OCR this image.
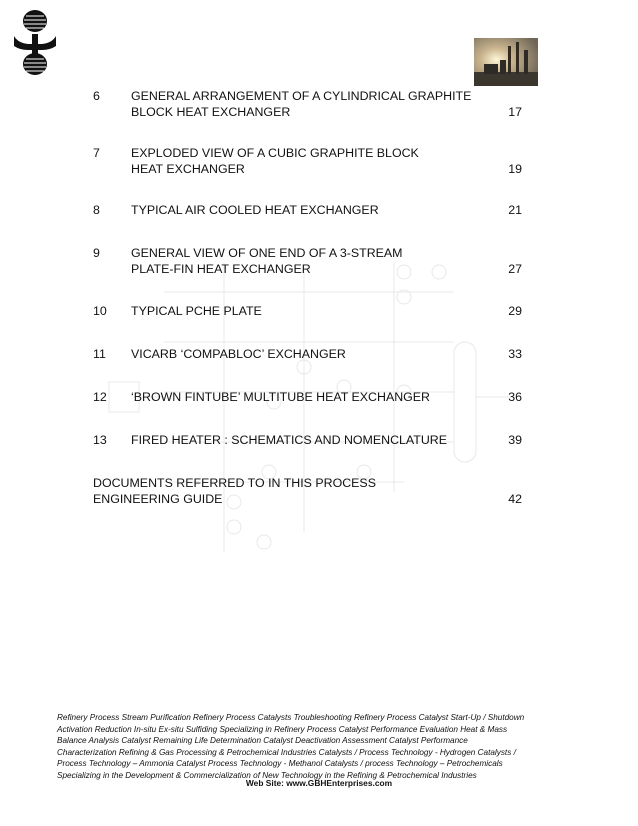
6	GENERAL ARRANGEMENT OF A CYLINDRICAL GRAPHITE
BLOCK HEAT EXCHANGER	17
7	EXPLODED VIEW OF A CUBIC GRAPHITE BLOCK
HEAT EXCHANGER	19
8	TYPICAL AIR COOLED HEAT EXCHANGER	21
9	GENERAL VIEW OF ONE END OF A 3-STREAM
PLATE-FIN HEAT EXCHANGER	27
10 TYPICAL PCHE PLATE	29
11 VICARB ‘COMPABLOC’ EXCHANGER	33
12 ‘BROWN FINTUBE’ MULTITUBE HEAT EXCHANGER	36
13 FIRED HEATER : SCHEMATICS AND NOMENCLATURE	39
DOCUMENTS REFERRED TO IN THIS PROCESS
ENGINEERING GUIDE	42
Refinery Process Stream Purification Refinery Process Catalysts Troubleshooting Refinery Process Catalyst Start-Up / Shutdown
Activation Reduction In-situ Ex-situ Sulfiding Specializing in Refinery Process Catalyst Performance Evaluation Heat & Mass
Balance Analysis Catalyst Remaining Life Determination Catalyst Deactivation Assessment Catalyst Performance
Characterization Refining & Gas Processing & Petrochemical Industries Catalysts / Process Technology - Hydrogen Catalysts /
Process Technology – Ammonia Catalyst Process Technology - Methanol Catalysts / process Technology – Petrochemicals
Specializing in the Development & Commercialization of New Technology in the Refining & Petrochemical Industries
Web Site: www.GBHEnterprises.com
